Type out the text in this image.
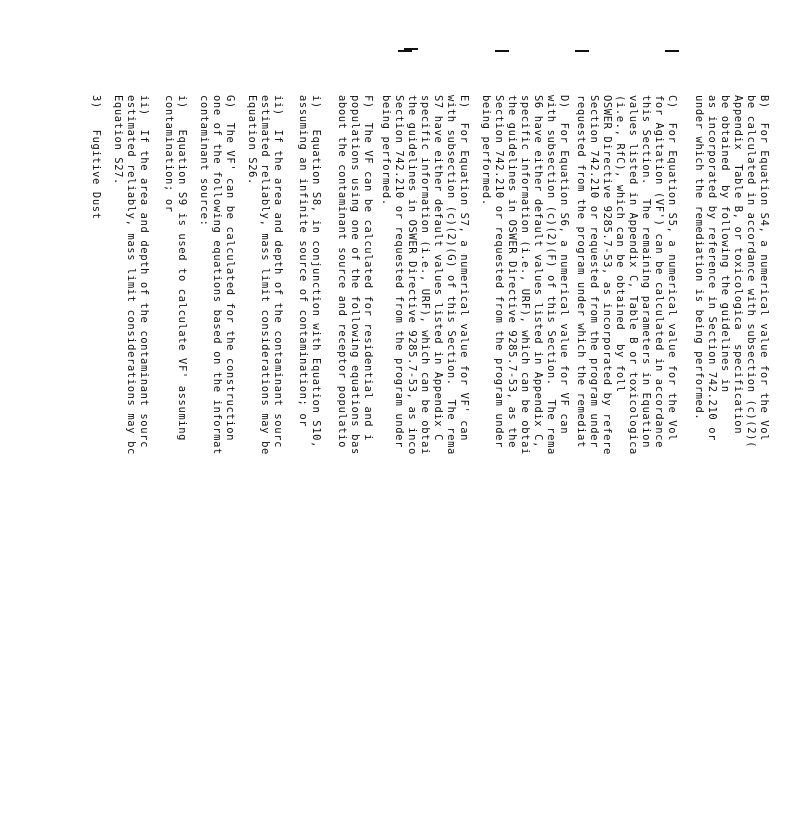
B)  For Equation S4, a numerical value for the Vol
be calculated in accordance with subsection (c)(2)(
Appendix  Table B, or toxicologica  specification
be obtained  by following the guidelines in
as incorporated by reference in Section 742.210 or
under which the remediation is being performed.
C)  For Equation S5, a numerical value for the Vol
for Agitation (VF') can be calculated in accordance
this Section.  The remaining parameters in Equation
values listed in Appendix C, Table B or toxicologica
(i.e., RfC), which can be obtained  by foll
OSWER Directive 9285.7-53, as incorporated by refere
Section 742.210 or requested from the program under
requested from the program under which the remediat
D)  For Equation S6, a numerical value for VF can
with subsection (c)(2)(F) of this Section.  The rema
S6 have either default values listed in Appendix C,
specific information (i.e., URF), which can be obtai
the guidelines in OSWER Directive 9285.7-53, as the
Section 742.210 or requested from the program under
being performed.
E)  For Equation S7, a numerical value for VF' can
with subsection (c)(2)(G) of this Section.  The rema
S7 have either default values listed in Appendix C
specific information (i.e., URF), which can be obtai
the guidelines in OSWER Directive 9285.7-53, as inco
Section 742.210 or requested from the program under
being performed.
F)  The VF can be calculated for residential and i
populations using one of the following equations bas
about the contaminant source and receptor populatio
i)   Equation S8, in conjunction with Equation S10,
assuming an infinite source of contamination; or
ii)  If the area and depth of the contaminant sourc
estimated reliably, mass limit considerations may be
Equation S26.
G)  The VF' can be calculated for the construction
one of the following equations based on the informat
contaminant source:
i)   Equation S9 is used to calculate VF' assuming
contamination; or
ii)  If the area and depth of the contaminant sourc
estimated reliably, mass limit considerations may bc
Equation S27.
3)   Fugitive Dust
